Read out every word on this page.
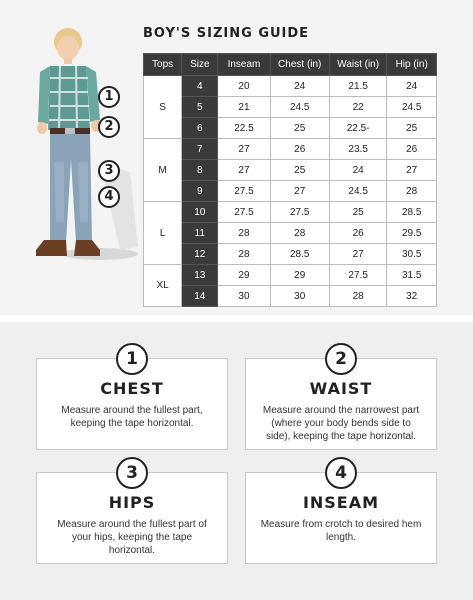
1
2
3
4
BOY'S SIZING GUIDE
Tops	Size	Inseam	Chest (in)	Waist (in)	Hip (in)
S	4	20	24	21.5	24
	5	21	24.5	22	24.5
	6	22.5	25	22.5-	25
M	7	27	26	23.5	26
	8	27	25	24	27
	9	27.5	27	24.5	28
L	10	27.5	27.5	25	28.5
	11	28	28	26	29.5
	12	28	28.5	27	30.5
XL	13	29	29	27.5	31.5
	14	30	30	28	32
1
CHEST
Measure around the fullest part, keeping the tape horizontal.
2
WAIST
Measure around the narrowest part (where your body bends side to side), keeping the tape horizontal.
3
HIPS
Measure around the fullest part of your hips, keeping the tape horizontal.
4
INSEAM
Measure from crotch to desired hem length.
